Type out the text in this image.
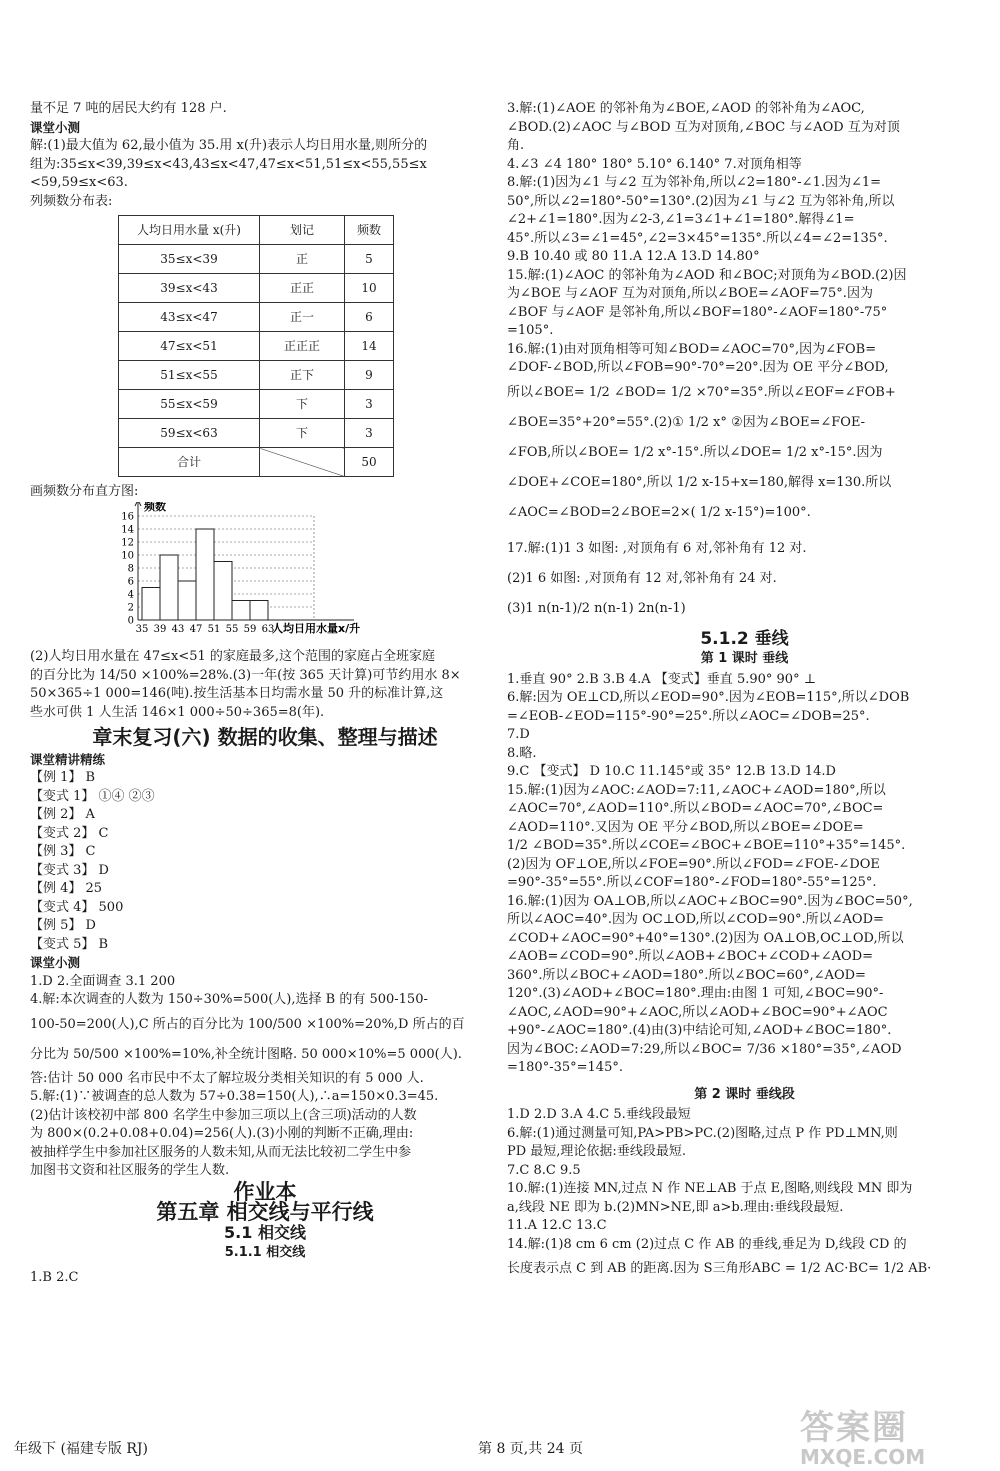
量不足 7 吨的居民大约有 128 户.
课堂小测
解:(1)最大值为 62,最小值为 35.用 x(升)表示人均日用水量,则所分的
组为:35≤x<39,39≤x<43,43≤x<47,47≤x<51,51≤x<55,55≤x
<59,59≤x<63.
列频数分布表:
人均日用水量 x(升)	划记	频数
35≤x<39	正	5
39≤x<43	正正	10
43≤x<47	正一	6
47≤x<51	正正正	14
51≤x<55	正下	9
55≤x<59	下	3
59≤x<63	下	3
合计		50
画频数分布直方图:
0
2
4
6
8
10
12
14
16
35 39 43 47 51 55 59 63
频数
人均日用水量x/升
(2)人均日用水量在 47≤x<51 的家庭最多,这个范围的家庭占全班家庭
的百分比为 14/50 ×100%=28%.(3)一年(按 365 天计算)可节约用水 8×
50×365÷1 000=146(吨).按生活基本日均需水量 50 升的标准计算,这
些水可供 1 人生活 146×1 000÷50÷365=8(年).
章末复习(六) 数据的收集、整理与描述
课堂精讲精练
【例 1】 B
【变式 1】 ①④ ②③
【例 2】 A
【变式 2】 C
【例 3】 C
【变式 3】 D
【例 4】 25
【变式 4】 500
【例 5】 D
【变式 5】 B
课堂小测
1.D 2.全面调查 3.1 200
4.解:本次调查的人数为 150÷30%=500(人),选择 B 的有 500-150-
100-50=200(人),C 所占的百分比为 100/500 ×100%=20%,D 所占的百
分比为 50/500 ×100%=10%,补全统计图略. 50 000×10%=5 000(人).
答:估计 50 000 名市民中不太了解垃圾分类相关知识的有 5 000 人.
5.解:(1)∵被调查的总人数为 57÷0.38=150(人),∴a=150×0.3=45.
(2)估计该校初中部 800 名学生中参加三项以上(含三项)活动的人数
为 800×(0.2+0.08+0.04)=256(人).(3)小刚的判断不正确,理由:
被抽样学生中参加社区服务的人数未知,从而无法比较初二学生中参
加图书文资和社区服务的学生人数.
作业本
第五章 相交线与平行线
5.1 相交线
5.1.1 相交线
1.B 2.C
3.解:(1)∠AOE 的邻补角为∠BOE,∠AOD 的邻补角为∠AOC,
∠BOD.(2)∠AOC 与∠BOD 互为对顶角,∠BOC 与∠AOD 互为对顶
角.
4.∠3 ∠4 180° 180° 5.10° 6.140° 7.对顶角相等
8.解:(1)因为∠1 与∠2 互为邻补角,所以∠2=180°-∠1.因为∠1=
50°,所以∠2=180°-50°=130°.(2)因为∠1 与∠2 互为邻补角,所以
∠2+∠1=180°.因为∠2-3,∠1=3∠1+∠1=180°.解得∠1=
45°.所以∠3=∠1=45°,∠2=3×45°=135°.所以∠4=∠2=135°.
9.B 10.40 或 80 11.A 12.A 13.D 14.80°
15.解:(1)∠AOC 的邻补角为∠AOD 和∠BOC;对顶角为∠BOD.(2)因
为∠BOE 与∠AOF 互为对顶角,所以∠BOE=∠AOF=75°.因为
∠BOF 与∠AOF 是邻补角,所以∠BOF=180°-∠AOF=180°-75°
=105°.
16.解:(1)由对顶角相等可知∠BOD=∠AOC=70°,因为∠FOB=
∠DOF-∠BOD,所以∠FOB=90°-70°=20°.因为 OE 平分∠BOD,
所以∠BOE= 1/2 ∠BOD= 1/2 ×70°=35°.所以∠EOF=∠FOB+
∠BOE=35°+20°=55°.(2)① 1/2 x° ②因为∠BOE=∠FOE-
∠FOB,所以∠BOE= 1/2 x°-15°.所以∠DOE= 1/2 x°-15°.因为
∠DOE+∠COE=180°,所以 1/2 x-15+x=180,解得 x=130.所以
∠AOC=∠BOD=2∠BOE=2×( 1/2 x-15°)=100°.
17.解:(1)1 3 如图: ,对顶角有 6 对,邻补角有 12 对.
(2)1 6 如图: ,对顶角有 12 对,邻补角有 24 对.
(3)1 n(n-1)/2 n(n-1) 2n(n-1)
5.1.2 垂线
第 1 课时 垂线
1.垂直 90° 2.B 3.B 4.A 【变式】垂直 5.90° 90° ⊥
6.解:因为 OE⊥CD,所以∠EOD=90°.因为∠EOB=115°,所以∠DOB
=∠EOB-∠EOD=115°-90°=25°.所以∠AOC=∠DOB=25°.
7.D
8.略.
9.C 【变式】 D 10.C 11.145°或 35° 12.B 13.D 14.D
15.解:(1)因为∠AOC:∠AOD=7:11,∠AOC+∠AOD=180°,所以
∠AOC=70°,∠AOD=110°.所以∠BOD=∠AOC=70°,∠BOC=
∠AOD=110°.又因为 OE 平分∠BOD,所以∠BOE=∠DOE=
1/2 ∠BOD=35°.所以∠COE=∠BOC+∠BOE=110°+35°=145°.
(2)因为 OF⊥OE,所以∠FOE=90°.所以∠FOD=∠FOE-∠DOE
=90°-35°=55°.所以∠COF=180°-∠FOD=180°-55°=125°.
16.解:(1)因为 OA⊥OB,所以∠AOC+∠BOC=90°.因为∠BOC=50°,
所以∠AOC=40°.因为 OC⊥OD,所以∠COD=90°.所以∠AOD=
∠COD+∠AOC=90°+40°=130°.(2)因为 OA⊥OB,OC⊥OD,所以
∠AOB=∠COD=90°.所以∠AOB+∠BOC+∠COD+∠AOD=
360°.所以∠BOC+∠AOD=180°.所以∠BOC=60°,∠AOD=
120°.(3)∠AOD+∠BOC=180°.理由:由图 1 可知,∠BOC=90°-
∠AOC,∠AOD=90°+∠AOC,所以∠AOD+∠BOC=90°+∠AOC
+90°-∠AOC=180°.(4)由(3)中结论可知,∠AOD+∠BOC=180°.
因为∠BOC:∠AOD=7:29,所以∠BOC= 7/36 ×180°=35°,∠AOD
=180°-35°=145°.
第 2 课时 垂线段
1.D 2.D 3.A 4.C 5.垂线段最短
6.解:(1)通过测量可知,PA>PB>PC.(2)图略,过点 P 作 PD⊥MN,则
PD 最短,理论依据:垂线段最短.
7.C 8.C 9.5
10.解:(1)连接 MN,过点 N 作 NE⊥AB 于点 E,图略,则线段 MN 即为
a,线段 NE 即为 b.(2)MN>NE,即 a>b.理由:垂线段最短.
11.A 12.C 13.C
14.解:(1)8 cm 6 cm (2)过点 C 作 AB 的垂线,垂足为 D,线段 CD 的
长度表示点 C 到 AB 的距离.因为 S三角形ABC = 1/2 AC·BC= 1/2 AB·
年级下 (福建专版 RJ)	第 8 页,共 24 页
答案圈
MXQE.COM
